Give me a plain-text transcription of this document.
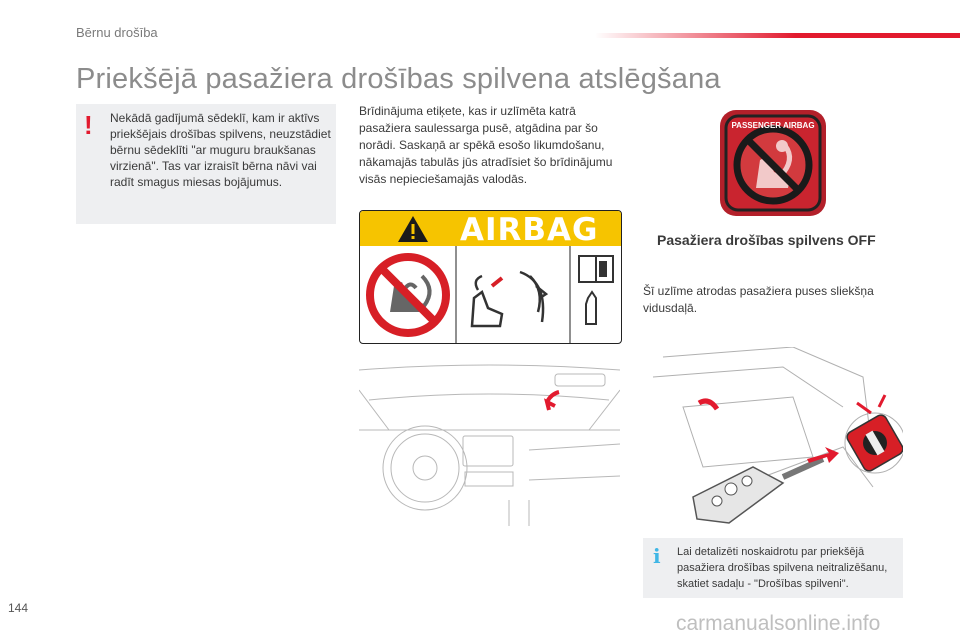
Bērnu drošība
Priekšējā pasažiera drošības spilvena atslēgšana
! Nekādā gadījumā sēdeklī, kam ir aktīvs priekšējais drošības spilvens, neuzstādiet bērnu sēdeklīti "ar muguru braukšanas virzienā". Tas var izraisīt bērna nāvi vai radīt smagus miesas bojājumus.
Brīdinājuma etiķete, kas ir uzlīmēta katrā pasažiera saulessarga pusē, atgādina par šo norādi. Saskaņā ar spēkā esošo likumdošanu, nākamajās tabulās jūs atradīsiet šo brīdinājumu visās nepieciešamajās valodās.
AIRBAG
PASSENGER AIRBAG
Pasažiera drošības spilvens OFF
Šī uzlīme atrodas pasažiera puses sliekšņa vidusdaļā.
i Lai detalizēti noskaidrotu par priekšējā pasažiera drošības spilvena neitralizēšanu, skatiet sadaļu - "Drošības spilveni".
144
carmanualsonline.info
